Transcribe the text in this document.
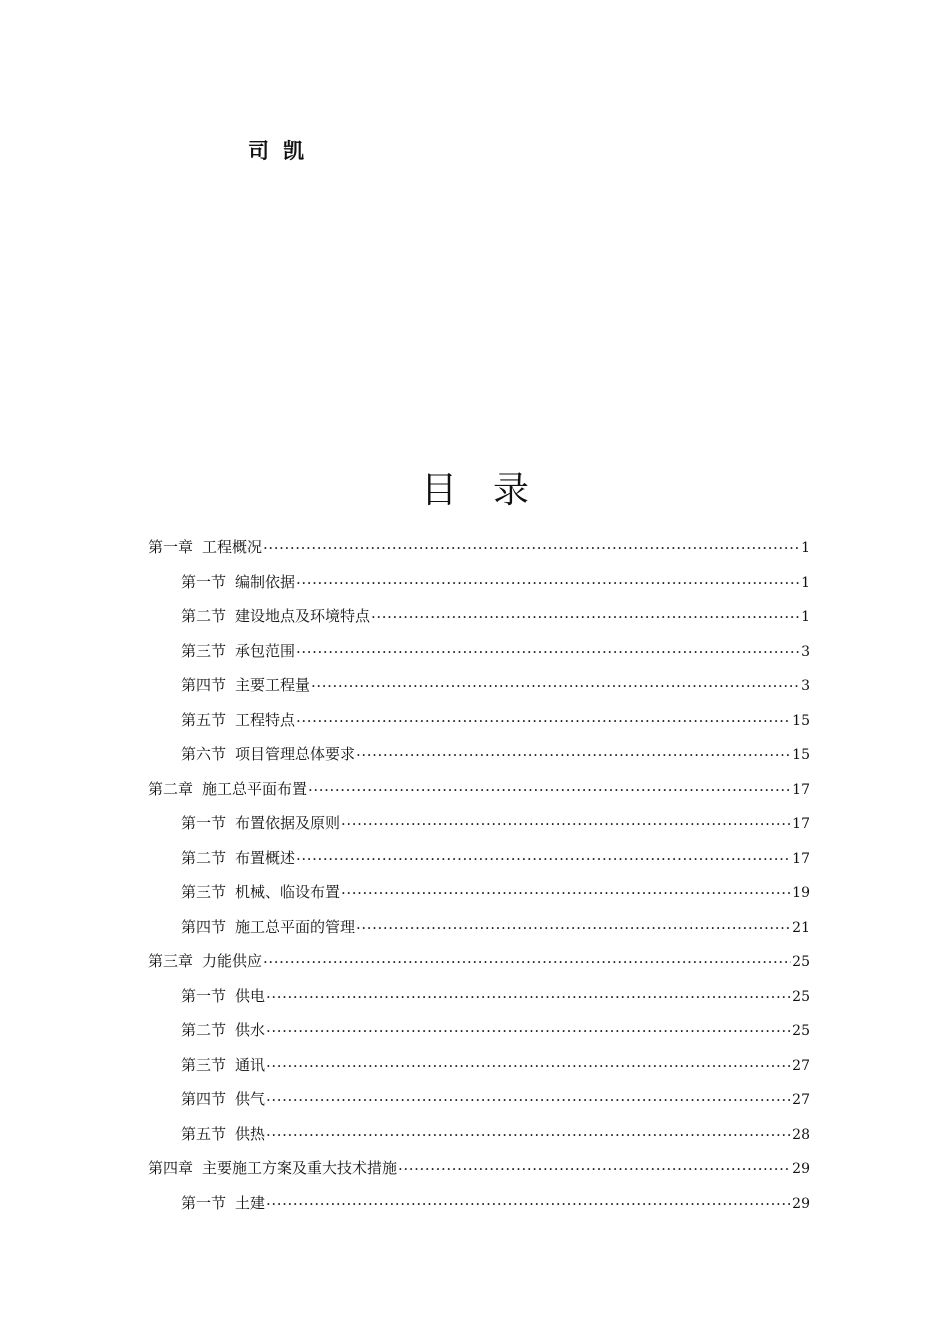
司凯
目录
第一章 工程概况 ·····	1
第一节 编制依据 ·····	1
第二节 建设地点及环境特点 ·····	1
第三节 承包范围 ·····	3
第四节 主要工程量 ·····	3
第五节 工程特点 ·····	15
第六节 项目管理总体要求 ·····	15
第二章 施工总平面布置 ·····	17
第一节 布置依据及原则 ·····	17
第二节 布置概述 ·····	17
第三节 机械、临设布置 ·····	19
第四节 施工总平面的管理 ·····	21
第三章 力能供应 ·····	25
第一节 供电 ·····	25
第二节 供水 ·····	25
第三节 通讯 ·····	27
第四节 供气 ·····	27
第五节 供热 ·····	28
第四章 主要施工方案及重大技术措施 ·····	29
第一节 土建 ·····	29
